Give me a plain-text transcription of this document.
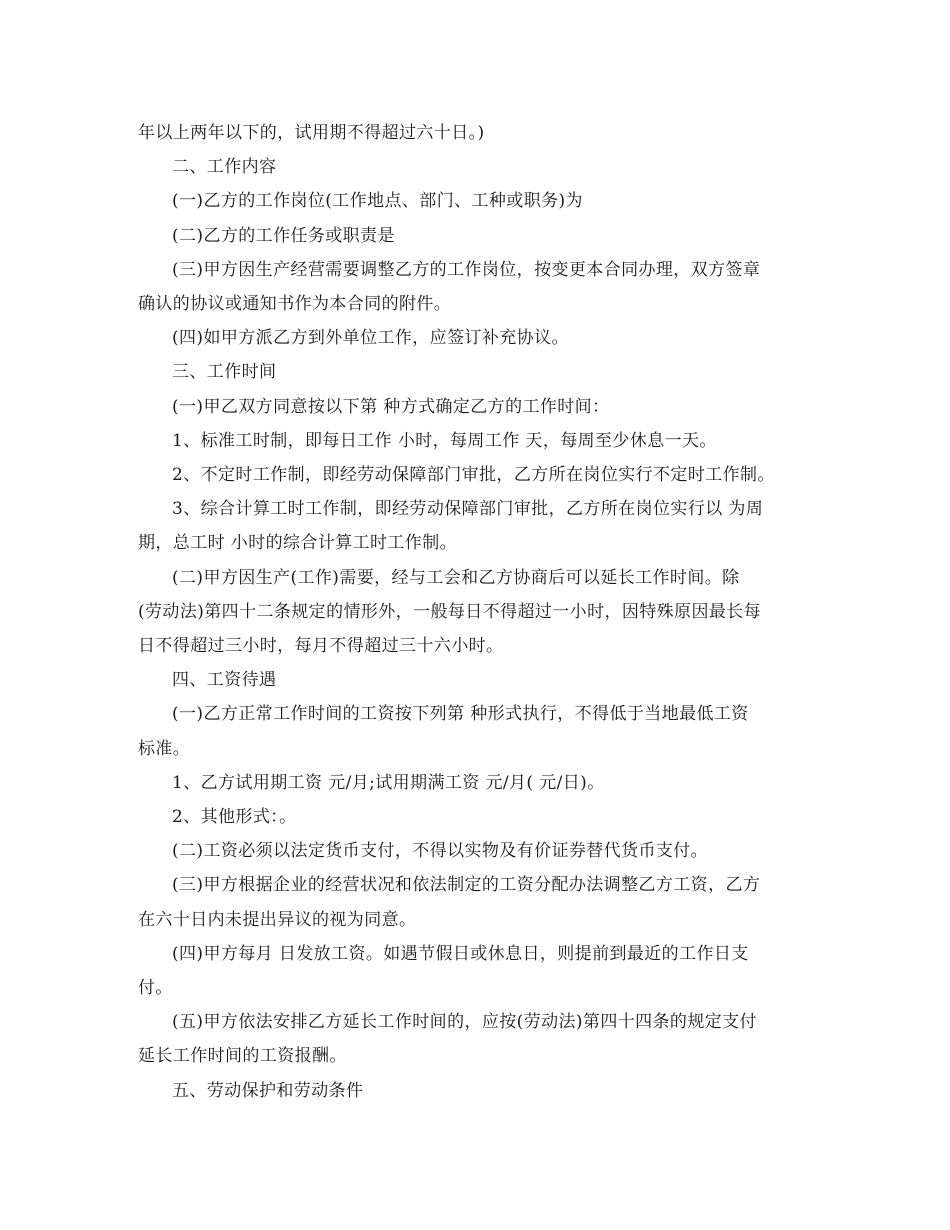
年以上两年以下的，试用期不得超过六十日。)

二、工作内容

(一)乙方的工作岗位(工作地点、部门、工种或职务)为

(二)乙方的工作任务或职责是

(三)甲方因生产经营需要调整乙方的工作岗位，按变更本合同办理，双方签章

确认的协议或通知书作为本合同的附件。

(四)如甲方派乙方到外单位工作，应签订补充协议。

三、工作时间

(一)甲乙双方同意按以下第 种方式确定乙方的工作时间：

1、标准工时制，即每日工作 小时，每周工作 天，每周至少休息一天。

2、不定时工作制，即经劳动保障部门审批，乙方所在岗位实行不定时工作制。

3、综合计算工时工作制，即经劳动保障部门审批，乙方所在岗位实行以 为周

期，总工时 小时的综合计算工时工作制。

(二)甲方因生产(工作)需要，经与工会和乙方协商后可以延长工作时间。除

(劳动法)第四十二条规定的情形外，一般每日不得超过一小时，因特殊原因最长每

日不得超过三小时，每月不得超过三十六小时。

四、工资待遇

(一)乙方正常工作时间的工资按下列第 种形式执行，不得低于当地最低工资

标准。

1、乙方试用期工资 元/月;试用期满工资 元/月( 元/日)。

2、其他形式：。

(二)工资必须以法定货币支付，不得以实物及有价证券替代货币支付。

(三)甲方根据企业的经营状况和依法制定的工资分配办法调整乙方工资，乙方

在六十日内未提出异议的视为同意。

(四)甲方每月 日发放工资。如遇节假日或休息日，则提前到最近的工作日支

付。

(五)甲方依法安排乙方延长工作时间的，应按(劳动法)第四十四条的规定支付

延长工作时间的工资报酬。

五、劳动保护和劳动条件
